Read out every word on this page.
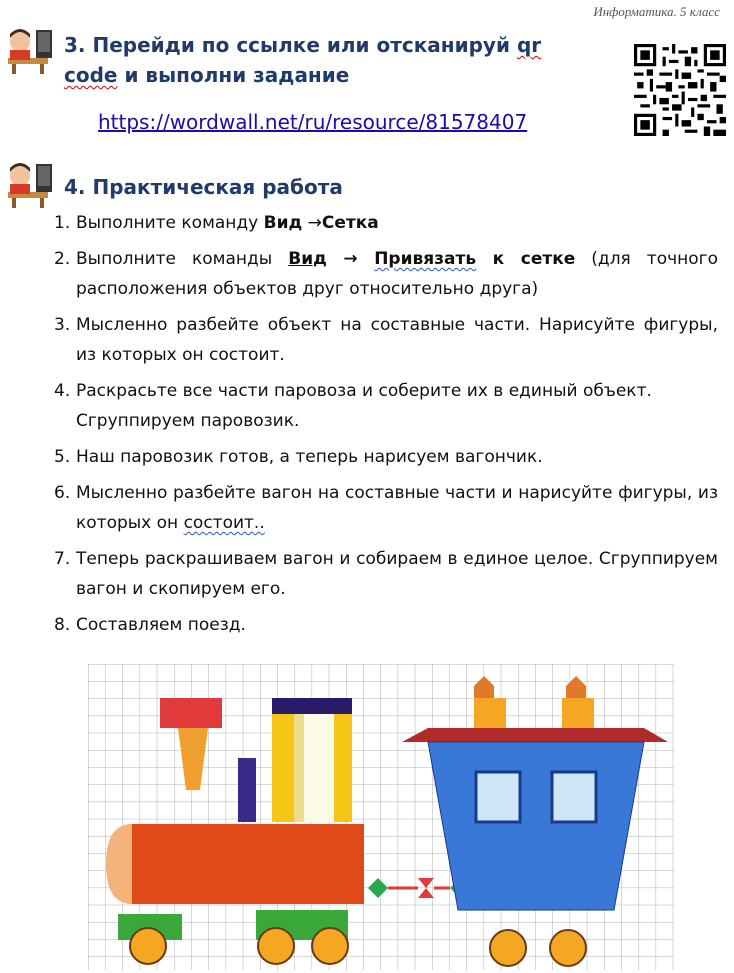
Информатика. 5 класс
3. Перейди по ссылке или отсканируй qr
code и выполни задание
https://wordwall.net/ru/resource/81578407
4. Практическая работа
1. Выполните команду Вид →Сетка
2. Выполните команды Вид → Привязать к сетке (для точного расположения объектов друг относительно друга)
3. Мысленно разбейте объект на составные части. Нарисуйте фигуры, из которых он состоит.
4. Раскрасьте все части паровоза и соберите их в единый объект. Сгруппируем паровозик.
5. Наш паровозик готов, а теперь нарисуем вагончик.
6. Мысленно разбейте вагон на составные части и нарисуйте фигуры, из которых он состоит..
7. Теперь раскрашиваем вагон и собираем в единое целое. Сгруппируем вагон и скопируем его.
8. Составляем поезд.
